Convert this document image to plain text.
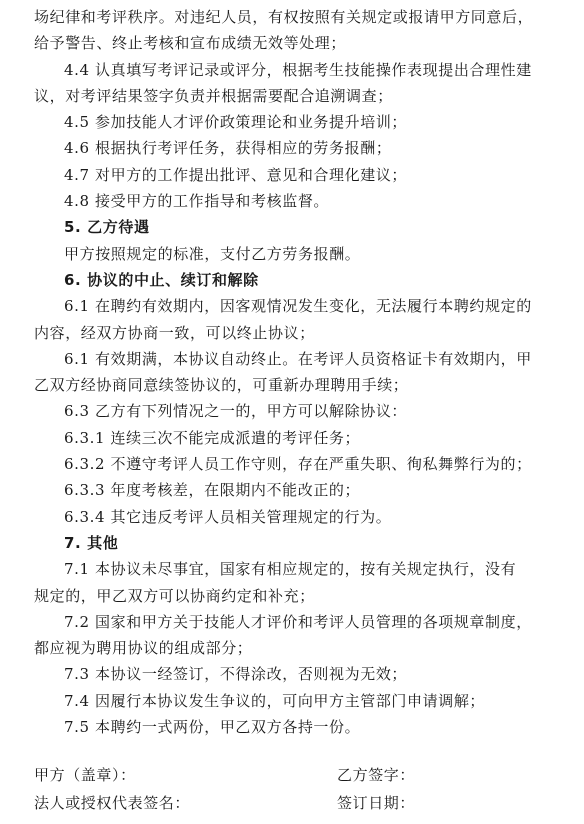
场纪律和考评秩序。对违纪人员，有权按照有关规定或报请甲方同意后，
给予警告、终止考核和宣布成绩无效等处理；
4.4 认真填写考评记录或评分，根据考生技能操作表现提出合理性建
议，对考评结果签字负责并根据需要配合追溯调查；
4.5 参加技能人才评价政策理论和业务提升培训；
4.6 根据执行考评任务，获得相应的劳务报酬；
4.7 对甲方的工作提出批评、意见和合理化建议；
4.8 接受甲方的工作指导和考核监督。
5. 乙方待遇
甲方按照规定的标准，支付乙方劳务报酬。
6. 协议的中止、续订和解除
6.1 在聘约有效期内，因客观情况发生变化，无法履行本聘约规定的
内容，经双方协商一致，可以终止协议；
6.1 有效期满，本协议自动终止。在考评人员资格证卡有效期内，甲
乙双方经协商同意续签协议的，可重新办理聘用手续；
6.3 乙方有下列情况之一的，甲方可以解除协议：
6.3.1 连续三次不能完成派遣的考评任务；
6.3.2 不遵守考评人员工作守则，存在严重失职、徇私舞弊行为的；
6.3.3 年度考核差，在限期内不能改正的；
6.3.4 其它违反考评人员相关管理规定的行为。
7. 其他
7.1 本协议未尽事宜，国家有相应规定的，按有关规定执行，没有
规定的，甲乙双方可以协商约定和补充；
7.2 国家和甲方关于技能人才评价和考评人员管理的各项规章制度，
都应视为聘用协议的组成部分；
7.3 本协议一经签订，不得涂改，否则视为无效；
7.4 因履行本协议发生争议的，可向甲方主管部门申请调解；
7.5 本聘约一式两份，甲乙双方各持一份。
甲方（盖章）：
法人或授权代表签名：
乙方签字：
签订日期：
